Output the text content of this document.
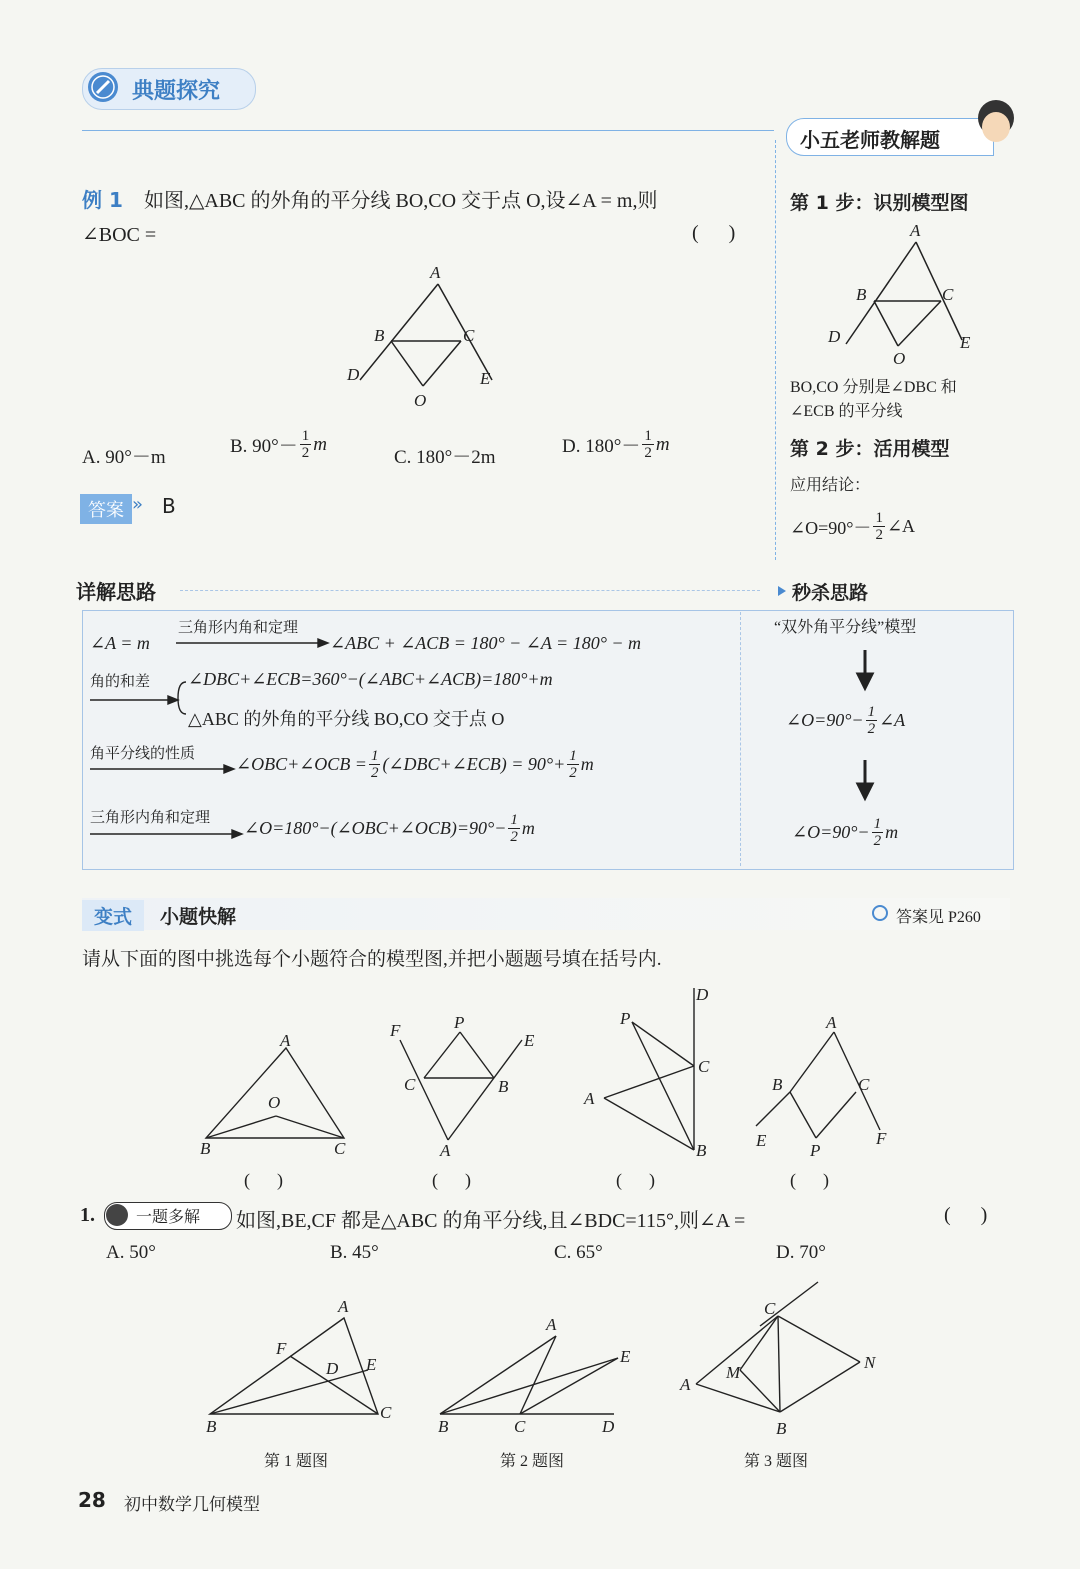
典题探究
小五老师教解题
例 1 如图,△ABC 的外角的平分线 BO,CO 交于点 O,设∠A = m,则
∠BOC =	(      )
A
B	C
D	E
O
A. 90°－m
B. $90^\circ- \frac{1}{2}$ m
C. 180°－2m
D. $180^\circ- \frac{1}{2}$ m
答案 » B
第 1 步：识别模型图
A
B	C
D	E
O
BO,CO 分别是∠DBC 和
∠ECB 的平分线
第 2 步：活用模型
应用结论：
∠O=90°－ $\frac{1}{2}$ ∠A
详解思路
三角形内角和定理
∠A = m	∠ABC + ∠ACB = 180° − ∠A = 180° − m
角的和差 ∠DBC+∠ECB=360°−(∠ABC+∠ACB)=180°+m
△ABC 的外角的平分线 BO,CO 交于点 O
角平分线的性质 ∠OBC+∠OCB = $\frac{1}{2}$ (∠DBC+∠ECB) = $90^\circ+ \frac{1}{2}$ m
三角形内角和定理 ∠O=180°−(∠OBC+∠OCB)=90°− $\frac{1}{2}$ m
秒杀思路
“双外角平分线”模型
∠O=90°− $\frac{1}{2}$ ∠A
∠O=90°− $\frac{1}{2}$ m
变式	小题快解	答案见 P260
请从下面的图中挑选每个小题符合的模型图,并把小题题号填在括号内.
A
O
B	C
F	P
E
C	B
A
D
P
C
A
B
A
B	C
E
P
F
(      )	(      )	(      )	(      )
1.	一题多解 如图,BE,CF 都是△ABC 的角平分线,且∠BDC=115°,则∠A =	(      )
A. 50°	B. 45°	C. 65°	D. 70°
A
F
D E
B
C
A
E
B	C	D
C
N
M
A
B
第 1 题图	第 2 题图	第 3 题图
28 初中数学几何模型
